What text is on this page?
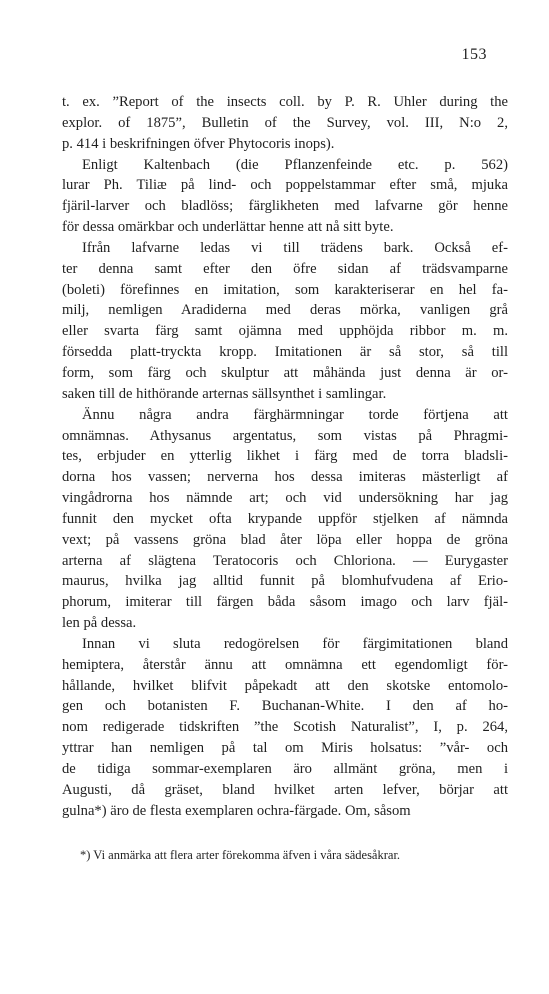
153
t. ex. ”Report of the insects coll. by P. R. Uhler during the
explor. of 1875”, Bulletin of the Survey, vol. III, N:o 2,
p. 414 i beskrifningen öfver Phytocoris inops).
Enligt Kaltenbach (die Pflanzenfeinde etc. p. 562)
lurar Ph. Tiliæ på lind- och poppelstammar efter små, mjuka
fjäril-larver och bladlöss; färglikheten med lafvarne gör henne
för dessa omärkbar och underlättar henne att nå sitt byte.
Ifrån lafvarne ledas vi till trädens bark. Också ef-
ter denna samt efter den öfre sidan af trädsvamparne
(boleti) förefinnes en imitation, som karakteriserar en hel fa-
milj, nemligen Aradiderna med deras mörka, vanligen grå
eller svarta färg samt ojämna med upphöjda ribbor m. m.
försedda platt-tryckta kropp. Imitationen är så stor, så till
form, som färg och skulptur att måhända just denna är or-
saken till de hithörande arternas sällsynthet i samlingar.
Ännu några andra färghärmningar torde förtjena att
omnämnas. Athysanus argentatus, som vistas på Phragmi-
tes, erbjuder en ytterlig likhet i färg med de torra bladsli-
dorna hos vassen; nerverna hos dessa imiteras mästerligt af
vingådrorna hos nämnde art; och vid undersökning har jag
funnit den mycket ofta krypande uppför stjelken af nämnda
vext; på vassens gröna blad åter löpa eller hoppa de gröna
arterna af slägtena Teratocoris och Chloriona. — Eurygaster
maurus, hvilka jag alltid funnit på blomhufvudena af Erio-
phorum, imiterar till färgen båda såsom imago och larv fjäl-
len på dessa.
Innan vi sluta redogörelsen för färgimitationen bland
hemiptera, återstår ännu att omnämna ett egendomligt för-
hållande, hvilket blifvit påpekadt att den skotske entomolo-
gen och botanisten F. Buchanan-White. I den af ho-
nom redigerade tidskriften ”the Scotish Naturalist”, I, p. 264,
yttrar han nemligen på tal om Miris holsatus: ”vår- och
de tidiga sommar-exemplaren äro allmänt gröna, men i
Augusti, då gräset, bland hvilket arten lefver, börjar att
gulna*) äro de flesta exemplaren ochra-färgade. Om, såsom
*) Vi anmärka att flera arter förekomma äfven i våra sädesåkrar.
